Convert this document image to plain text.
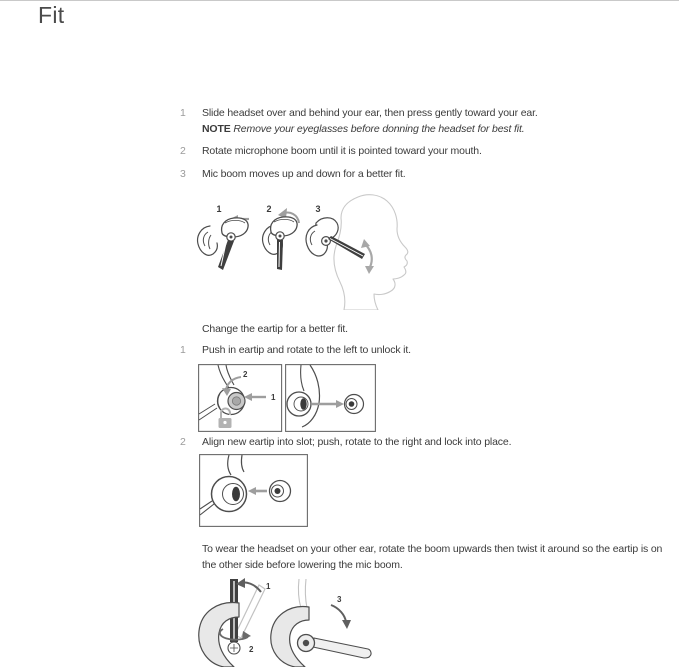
Fit
1	Slide headset over and behind your ear, then press gently toward your ear.
NOTE Remove your eyeglasses before donning the headset for best fit.
2	Rotate microphone boom until it is pointed toward your mouth.
3	Mic boom moves up and down for a better fit.
1	2	3
Change the eartip for a better fit.
1	Push in eartip and rotate to the left to unlock it.
1
2
2	Align new eartip into slot; push, rotate to the right and lock into place.
To wear the headset on your other ear, rotate the boom upwards then twist it around so the eartip is on the other side before lowering the mic boom.
1
2
3
